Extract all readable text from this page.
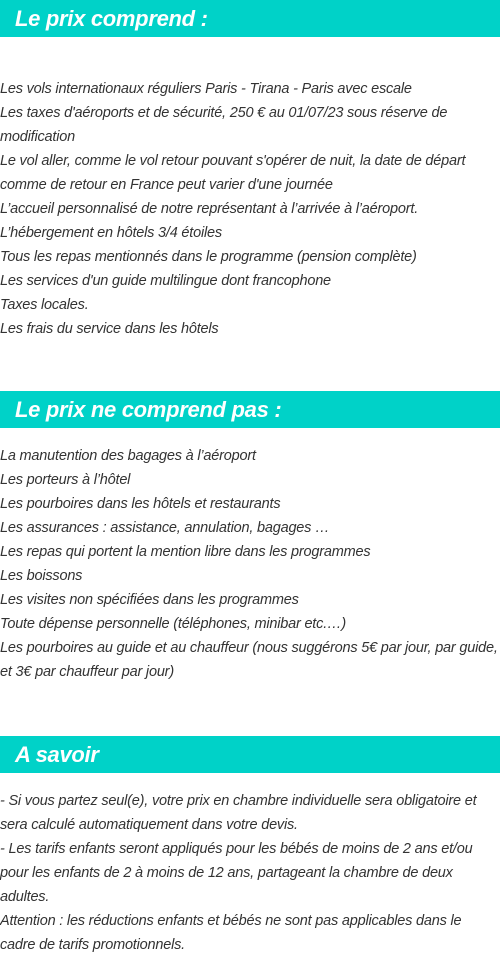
Le prix comprend :
Les vols internationaux réguliers Paris - Tirana - Paris avec escale
Les taxes d'aéroports et de sécurité, 250 € au 01/07/23 sous réserve de modification
Le vol aller, comme le vol retour pouvant s'opérer de nuit, la date de départ comme de retour en France peut varier d'une journée
L’accueil personnalisé de notre représentant à l’arrivée à l’aéroport.
L’hébergement en hôtels 3/4 étoiles
Tous les repas mentionnés dans le programme (pension complète)
Les services d'un guide multilingue dont francophone
Taxes locales.
Les frais du service dans les hôtels
Le prix ne comprend pas :
La manutention des bagages à l’aéroport
Les porteurs à l’hôtel
Les pourboires dans les hôtels et restaurants
Les assurances : assistance, annulation, bagages …
Les repas qui portent la mention libre dans les programmes
Les boissons
Les visites non spécifiées dans les programmes
Toute dépense personnelle (téléphones, minibar etc.…)
Les pourboires au guide et au chauffeur (nous suggérons 5€ par jour, par guide, et 3€ par chauffeur par jour)
A savoir
- Si vous partez seul(e), votre prix en chambre individuelle sera obligatoire et sera calculé automatiquement dans votre devis.
- Les tarifs enfants seront appliqués pour les bébés de moins de 2 ans et/ou pour les enfants de 2 à moins de 12 ans, partageant la chambre de deux adultes.
Attention : les réductions enfants et bébés ne sont pas applicables dans le cadre de tarifs promotionnels.
